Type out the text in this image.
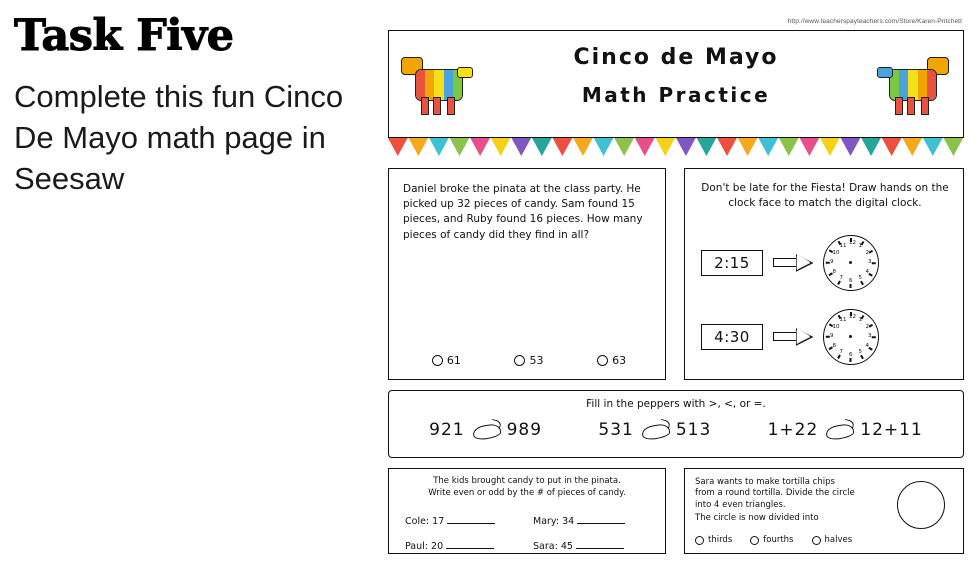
Task Five

Complete this fun Cinco De Mayo math page in Seesaw

http://www.teacherspayteachers.com/Store/Karen-Pritchett
Cinco de Mayo
Math Practice
Daniel broke the pinata at the class party. He picked up 32 pieces of candy. Sam found 15 pieces, and Ruby found 16 pieces. How many pieces of candy did they find in all?
61	53	63
Don't be late for the Fiesta! Draw hands on the clock face to match the digital clock.
2:15
12 1
2
3
4
5
6
7
8
9
10
11
4:30
12 1
2
3
4
5
6
7
8
9
10
11
Fill in the peppers with >, <, or =.
921 989	531 513	1+22 12+11
The kids brought candy to put in the pinata.
Write even or odd by the # of pieces of candy.
Cole: 17	Mary: 34
Paul: 20	Sara: 45
Sara wants to make tortilla chips from a round tortilla. Divide the circle into 4 even triangles.
The circle is now divided into
thirds	fourths	halves
